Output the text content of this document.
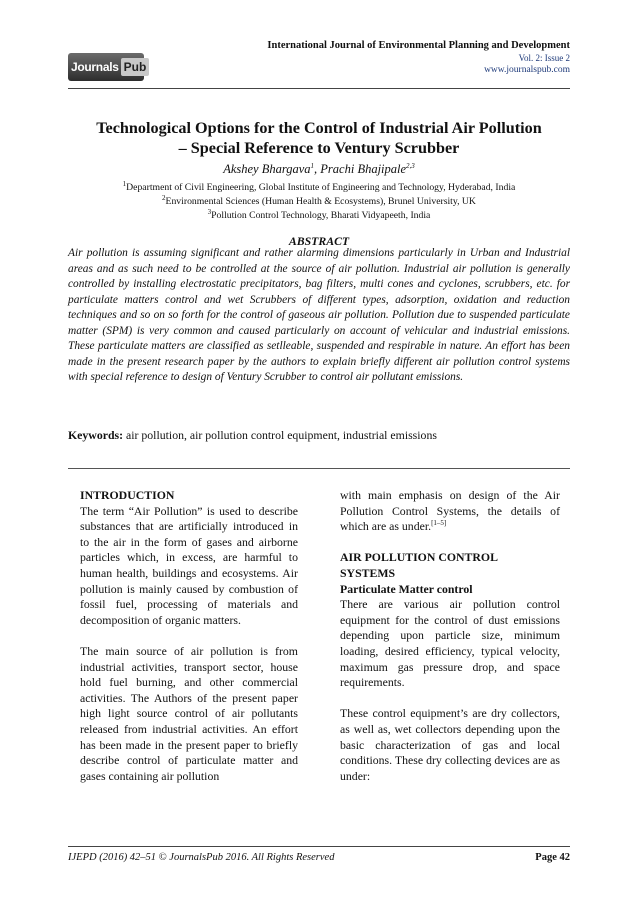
Journals Pub
International Journal of Environmental Planning and Development
Vol. 2: Issue 2
www.journalspub.com
Technological Options for the Control of Industrial Air Pollution
– Special Reference to Ventury Scrubber
Akshey Bhargava$^1$, Prachi Bhajipale$^{2,3}$
$^1$Department of Civil Engineering, Global Institute of Engineering and Technology, Hyderabad, India
$^2$Environmental Sciences (Human Health & Ecosystems), Brunel University, UK
$^3$Pollution Control Technology, Bharati Vidyapeeth, India
ABSTRACT
Air pollution is assuming significant and rather alarming dimensions particularly in Urban and Industrial areas and as such need to be controlled at the source of air pollution. Industrial air pollution is generally controlled by installing electrostatic precipitators, bag filters, multi cones and cyclones, scrubbers, etc. for particulate matters control and wet Scrubbers of different types, adsorption, oxidation and reduction techniques and so on so forth for the control of gaseous air pollution. Pollution due to suspended particulate matter (SPM) is very common and caused particularly on account of vehicular and industrial emissions. These particulate matters are classified as setlleable, suspended and respirable in nature. An effort has been made in the present research paper by the authors to explain briefly different air pollution control systems with special reference to design of Ventury Scrubber to control air pollutant emissions.
Keywords: air pollution, air pollution control equipment, industrial emissions
INTRODUCTION

The term “Air Pollution” is used to describe substances that are artificially introduced in to the air in the form of gases and airborne particles which, in excess, are harmful to human health, buildings and ecosystems. Air pollution is mainly caused by combustion of fossil fuel, processing of materials and decomposition of organic matters.

The main source of air pollution is from industrial activities, transport sector, house hold fuel burning, and other commercial activities. The Authors of the present paper high light source control of air pollutants released from industrial activities. An effort has been made in the present paper to briefly describe control of particulate matter and gases containing air pollution

with main emphasis on design of the Air Pollution Control Systems, the details of which are as under.[1–5]

AIR POLLUTION CONTROL
SYSTEMS
Particulate Matter control

There are various air pollution control equipment for the control of dust emissions depending upon particle size, minimum loading, desired efficiency, typical velocity, maximum gas pressure drop, and space requirements.

These control equipment’s are dry collectors, as well as, wet collectors depending upon the basic characterization of gas and local conditions. These dry collecting devices are as under:

IJEPD (2016) 42–51 © JournalsPub 2016. All Rights Reserved	Page 42
